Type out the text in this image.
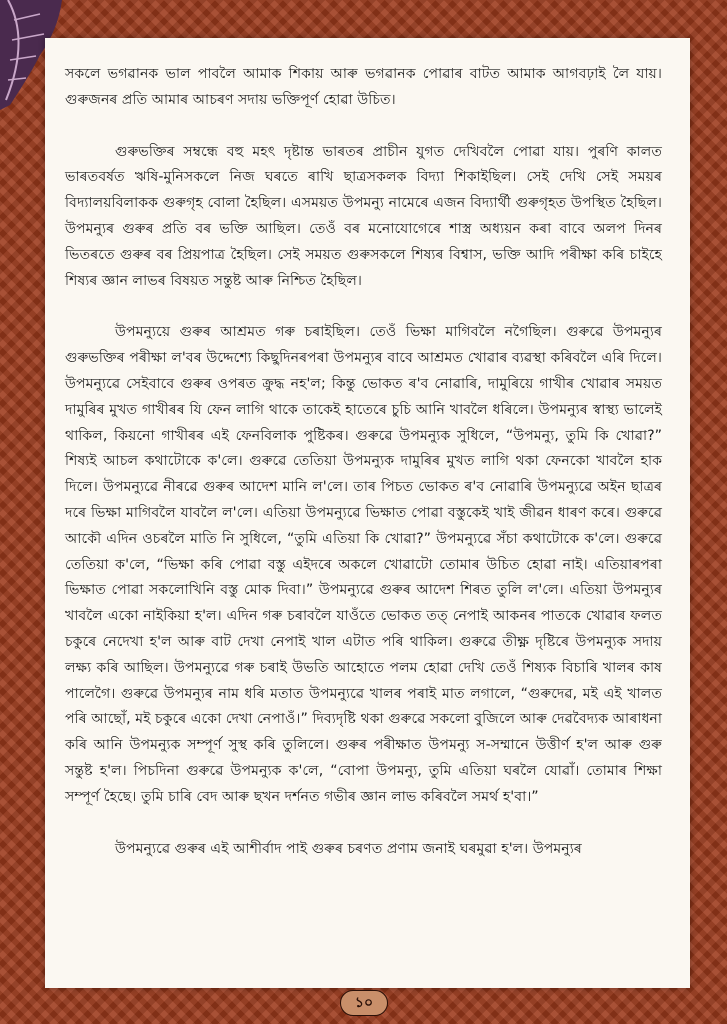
সকলে ভগৱানক ভাল পাবলৈ আমাক শিকায় আৰু ভগৱানক পোৱাৰ বাটত আমাক আগবঢ়াই লৈ যায়। গুৰুজনৰ প্ৰতি আমাৰ আচৰণ সদায় ভক্তিপূৰ্ণ হোৱা উচিত।

গুৰুভক্তিৰ সম্বন্ধে বহু মহৎ দৃষ্টান্ত ভাৰতৰ প্ৰাচীন যুগত দেখিবলৈ পোৱা যায়। পুৰণি কালত ভাৰতবৰ্ষত ঋষি-মুনিসকলে নিজ ঘৰতে ৰাখি ছাত্ৰসকলক বিদ্যা শিকাইছিল। সেই দেখি সেই সময়ৰ বিদ্যালয়বিলাকক গুৰুগৃহ বোলা হৈছিল। এসময়ত উপমন্যু নামেৰে এজন বিদ্যাৰ্থী গুৰুগৃহত উপস্থিত হৈছিল। উপমন্যুৰ গুৰুৰ প্ৰতি বৰ ভক্তি আছিল। তেওঁ বৰ মনোযোগেৰে শাস্ত্ৰ অধ্যয়ন কৰা বাবে অলপ দিনৰ ভিতৰতে গুৰুৰ বৰ প্ৰিয়পাত্ৰ হৈছিল। সেই সময়ত গুৰুসকলে শিষ্যৰ বিশ্বাস, ভক্তি আদি পৰীক্ষা কৰি চাইহে শিষ্যৰ জ্ঞান লাভৰ বিষয়ত সন্তুষ্ট আৰু নিশ্চিত হৈছিল।

উপমন্যুয়ে গুৰুৰ আশ্ৰমত গৰু চৰাইছিল। তেওঁ ভিক্ষা মাগিবলৈ নগৈছিল। গুৰুৱে উপমন্যুৰ গুৰুভক্তিৰ পৰীক্ষা ল'বৰ উদ্দেশ্যে কিছুদিনৰপৰা উপমন্যুৰ বাবে আশ্ৰমত খোৱাৰ ব্যৱস্থা কৰিবলৈ এৰি দিলে। উপমন্যুৱে সেইবাবে গুৰুৰ ওপৰত ক্ৰুদ্ধ নহ'ল; কিন্তু ভোকত ৰ'ব নোৱাৰি, দামুৰিয়ে গাখীৰ খোৱাৰ সময়ত দামুৰিৰ মুখত গাখীৰৰ যি ফেন লাগি থাকে তাকেই হাতেৰে চুচি আনি খাবলৈ ধৰিলে। উপমন্যুৰ স্বাস্থ্য ভালেই থাকিল, কিয়নো গাখীৰৰ এই ফেনবিলাক পুষ্টিকৰ। গুৰুৱে উপমন্যুক সুধিলে, “উপমন্যু, তুমি কি খোৱা?” শিষ্যই আচল কথাটোকে ক'লে। গুৰুৱে তেতিয়া উপমন্যুক দামুৰিৰ মুখত লাগি থকা ফেনকো খাবলৈ হাক দিলে। উপমন্যুৱে নীৰৱে গুৰুৰ আদেশ মানি ল'লে। তাৰ পিচত ভোকত ৰ'ব নোৱাৰি উপমন্যুৱে অইন ছাত্ৰৰ দৰে ভিক্ষা মাগিবলৈ যাবলৈ ল'লে। এতিয়া উপমন্যুৱে ভিক্ষাত পোৱা বস্তুকেই খাই জীৱন ধাৰণ কৰে। গুৰুৱে আকৌ এদিন ওচৰলৈ মাতি নি সুধিলে, “তুমি এতিয়া কি খোৱা?” উপমন্যুৱে সঁচা কথাটোকে ক'লে। গুৰুৱে তেতিয়া ক'লে, “ভিক্ষা কৰি পোৱা বস্তু এইদৰে অকলে খোৱাটো তোমাৰ উচিত হোৱা নাই। এতিয়াৰপৰা ভিক্ষাত পোৱা সকলোখিনি বস্তু মোক দিবা।” উপমন্যুৱে গুৰুৰ আদেশ শিৰত তুলি ল'লে। এতিয়া উপমন্যুৰ খাবলৈ একো নাইকিয়া হ'ল। এদিন গৰু চৰাবলৈ যাওঁতে ভোকত তত্‌ নেপাই আকনৰ পাতকে খোৱাৰ ফলত চকুৰে নেদেখা হ'ল আৰু বাট দেখা নেপাই খাল এটাত পৰি থাকিল। গুৰুৱে তীক্ষ্ণ দৃষ্টিৰে উপমন্যুক সদায় লক্ষ্য কৰি আছিল। উপমন্যুৱে গৰু চৰাই উভতি আহোতে পলম হোৱা দেখি তেওঁ শিষ্যক বিচাৰি খালৰ কাষ পালেগৈ। গুৰুৱে উপমন্যুৰ নাম ধৰি মতাত উপমন্যুৱে খালৰ পৰাই মাত লগালে, “গুৰুদেৱ, মই এই খালত পৰি আছোঁ, মই চকুৰে একো দেখা নেপাওঁ।” দিব্যদৃষ্টি থকা গুৰুৱে সকলো বুজিলে আৰু দেৱবৈদ্যক আৰাধনা কৰি আনি উপমন্যুক সম্পূৰ্ণ সুস্থ কৰি তুলিলে। গুৰুৰ পৰীক্ষাত উপমন্যু স-সম্মানে উত্তীৰ্ণ হ'ল আৰু গুৰু সন্তুষ্ট হ'ল। পিচদিনা গুৰুৱে উপমন্যুক ক'লে, “বোপা উপমন্যু, তুমি এতিয়া ঘৰলৈ যোৱাঁ। তোমাৰ শিক্ষা সম্পূৰ্ণ হৈছে। তুমি চাৰি বেদ আৰু ছখন দৰ্শনত গভীৰ জ্ঞান লাভ কৰিবলৈ সমৰ্থ হ'বা।”

উপমন্যুৱে গুৰুৰ এই আশীৰ্বাদ পাই গুৰুৰ চৰণত প্ৰণাম জনাই ঘৰমুৱা হ'ল। উপমন্যুৰ

১০
